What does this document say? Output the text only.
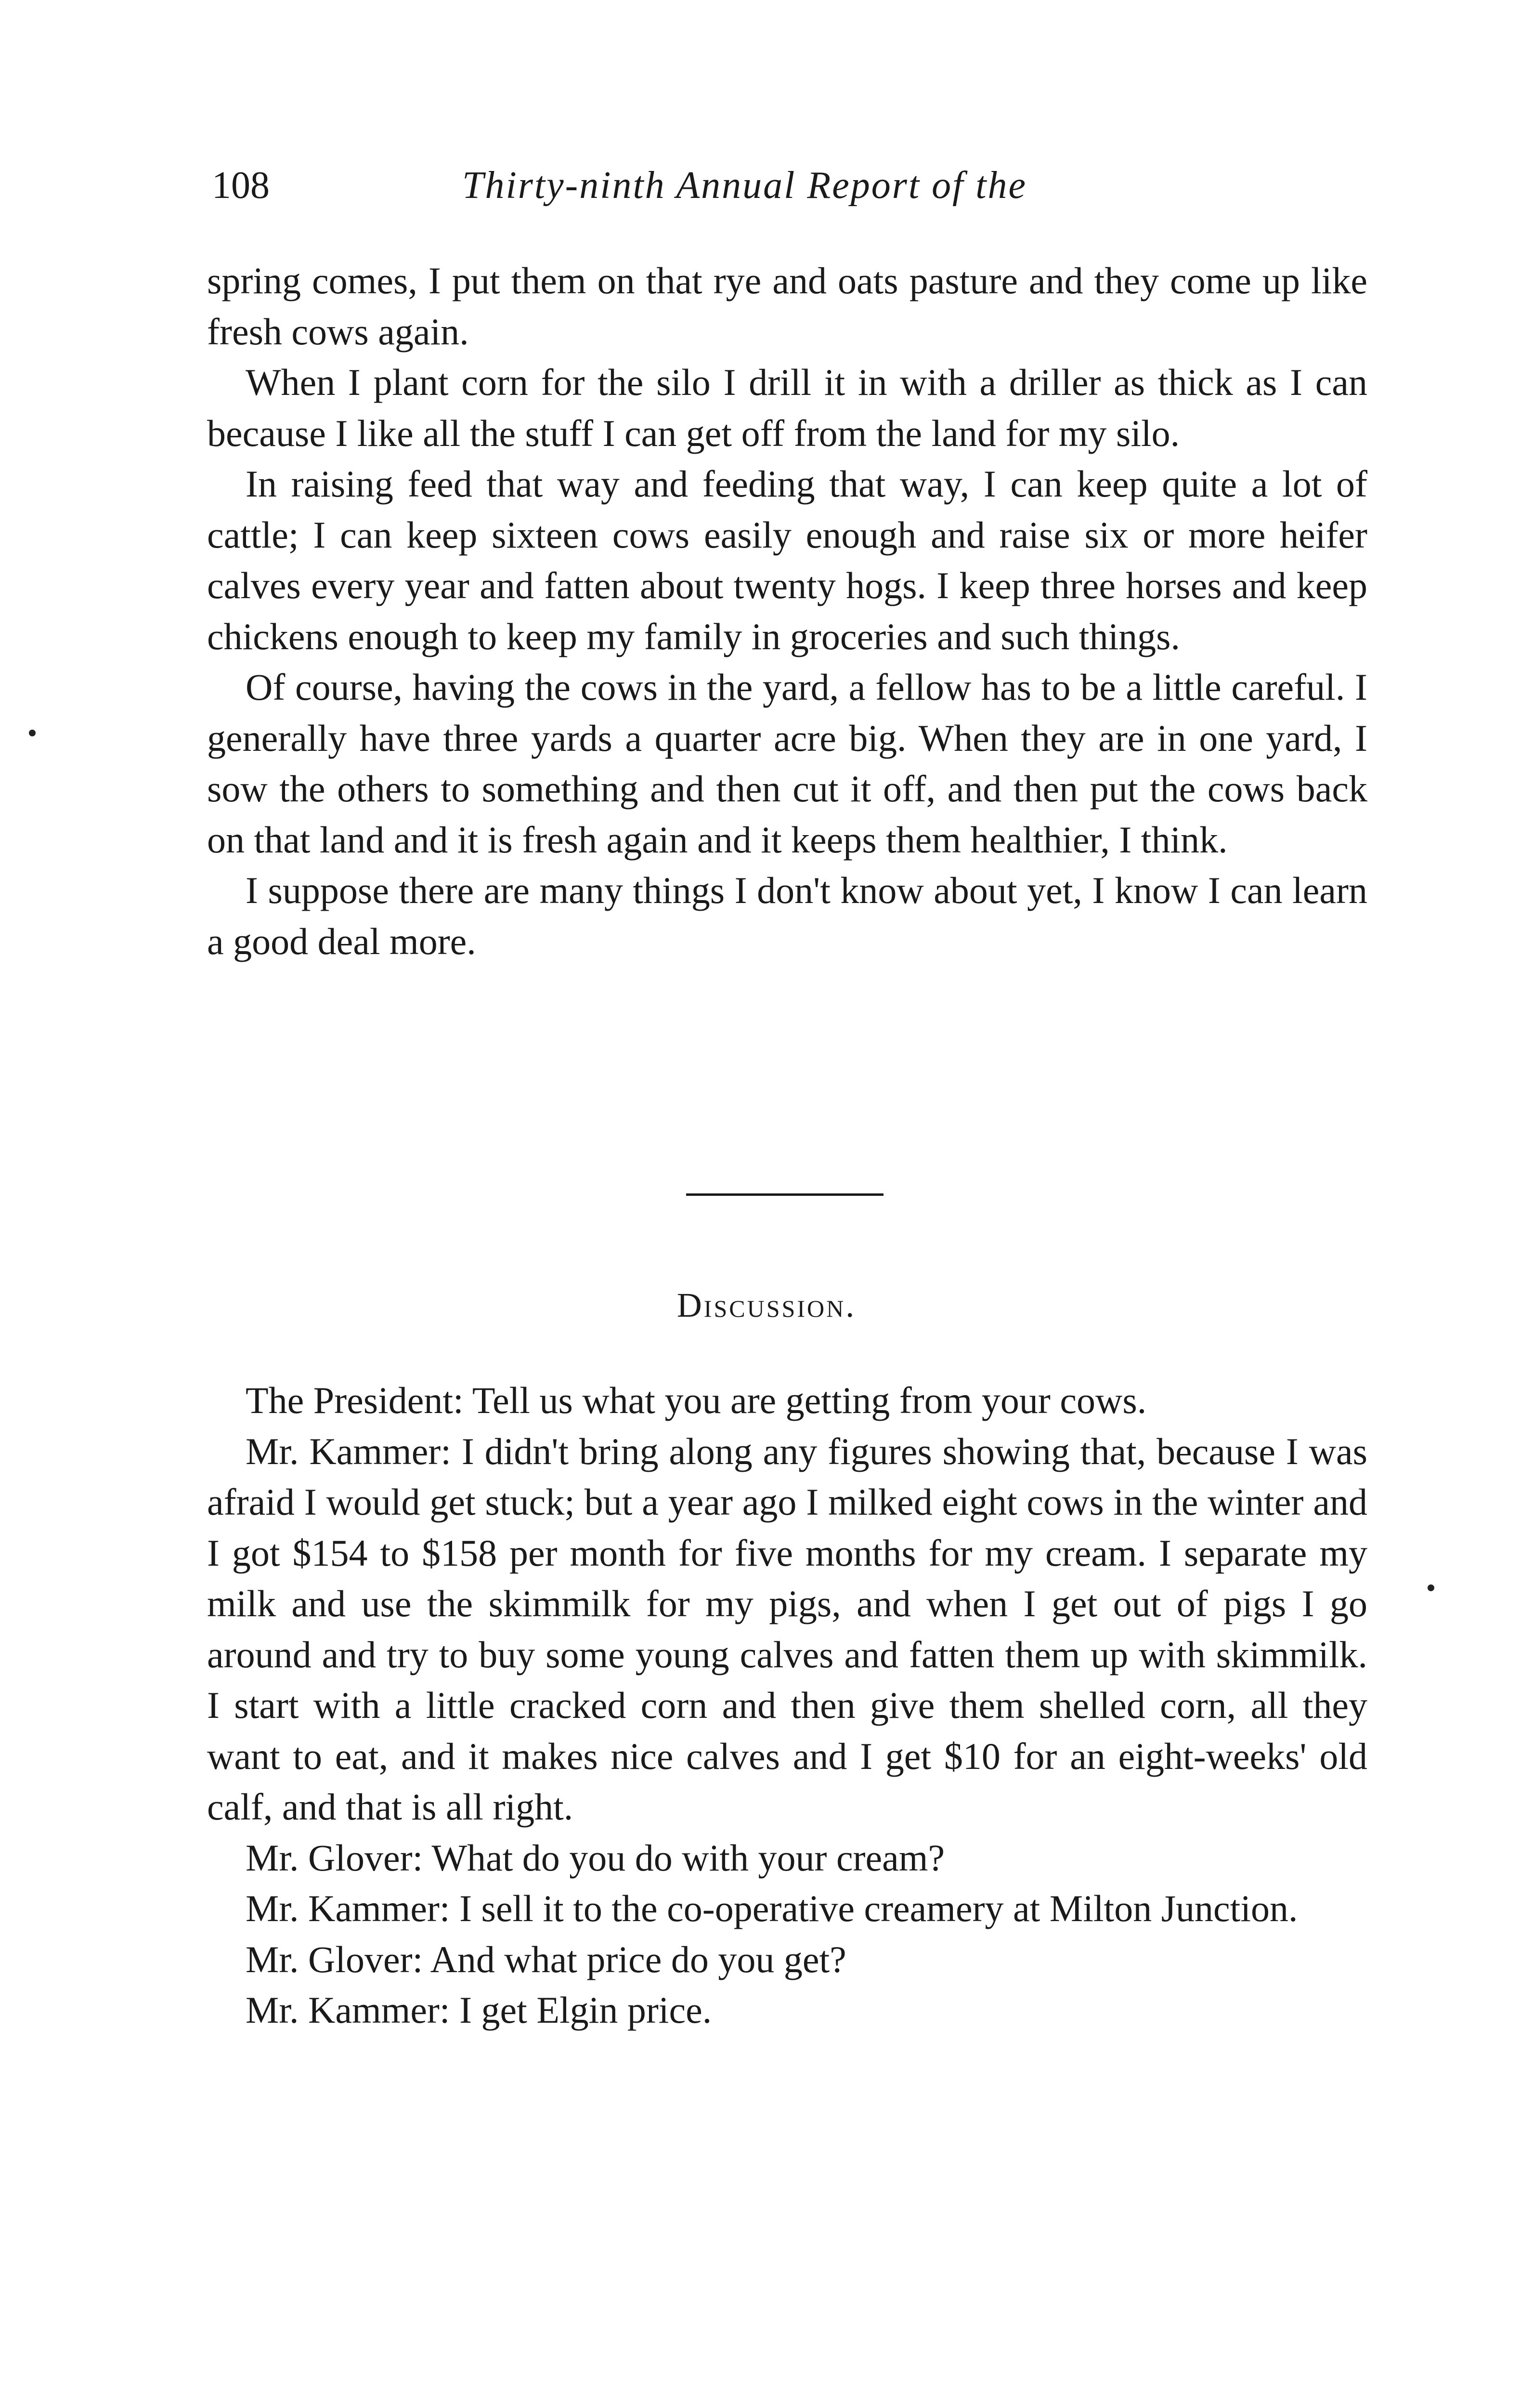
108	Thirty-ninth Annual Report of the

spring comes, I put them on that rye and oats pasture and they come up like fresh cows again.

When I plant corn for the silo I drill it in with a driller as thick as I can because I like all the stuff I can get off from the land for my silo.

In raising feed that way and feeding that way, I can keep quite a lot of cattle; I can keep sixteen cows easily enough and raise six or more heifer calves every year and fatten about twenty hogs. I keep three horses and keep chickens enough to keep my family in groceries and such things.

Of course, having the cows in the yard, a fellow has to be a little careful. I generally have three yards a quarter acre big. When they are in one yard, I sow the others to something and then cut it off, and then put the cows back on that land and it is fresh again and it keeps them healthier, I think.

I suppose there are many things I don't know about yet, I know I can learn a good deal more.

Discussion.

The President: Tell us what you are getting from your cows.

Mr. Kammer: I didn't bring along any figures showing that, because I was afraid I would get stuck; but a year ago I milked eight cows in the winter and I got $154 to $158 per month for five months for my cream. I separate my milk and use the skimmilk for my pigs, and when I get out of pigs I go around and try to buy some young calves and fatten them up with skimmilk. I start with a little cracked corn and then give them shelled corn, all they want to eat, and it makes nice calves and I get $10 for an eight-weeks' old calf, and that is all right.

Mr. Glover: What do you do with your cream?

Mr. Kammer: I sell it to the co-operative creamery at Milton Junction.

Mr. Glover: And what price do you get?

Mr. Kammer: I get Elgin price.
